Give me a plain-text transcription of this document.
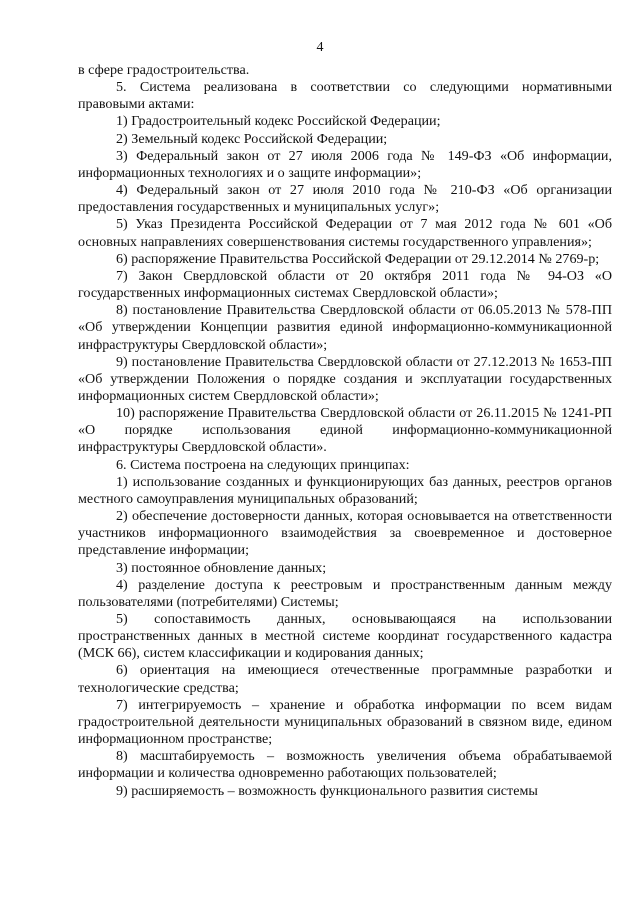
4

в сфере градостроительства.

5. Система реализована в соответствии со следующими нормативными правовыми актами:

1) Градостроительный кодекс Российской Федерации;

2) Земельный кодекс Российской Федерации;

3) Федеральный закон от 27 июля 2006 года № 149-ФЗ «Об информации, информационных технологиях и о защите информации»;

4) Федеральный закон от 27 июля 2010 года № 210-ФЗ «Об организации предоставления государственных и муниципальных услуг»;

5) Указ Президента Российской Федерации от 7 мая 2012 года № 601 «Об основных направлениях совершенствования системы государственного управления»;

6) распоряжение Правительства Российской Федерации от 29.12.2014 № 2769-р;

7) Закон Свердловской области от 20 октября 2011 года № 94-ОЗ «О государственных информационных системах Свердловской области»;

8) постановление Правительства Свердловской области от 06.05.2013 № 578-ПП «Об утверждении Концепции развития единой информационно-коммуникационной инфраструктуры Свердловской области»;

9) постановление Правительства Свердловской области от 27.12.2013 № 1653-ПП «Об утверждении Положения о порядке создания и эксплуатации государственных информационных систем Свердловской области»;

10) распоряжение Правительства Свердловской области от 26.11.2015 № 1241-РП «О порядке использования единой информационно-коммуникационной инфраструктуры Свердловской области».

6. Система построена на следующих принципах:

1) использование созданных и функционирующих баз данных, реестров органов местного самоуправления муниципальных образований;

2) обеспечение достоверности данных, которая основывается на ответственности участников информационного взаимодействия за своевременное и достоверное представление информации;

3) постоянное обновление данных;

4) разделение доступа к реестровым и пространственным данным между пользователями (потребителями) Системы;

5) сопоставимость данных, основывающаяся на использовании пространственных данных в местной системе координат государственного кадастра (МСК 66), систем классификации и кодирования данных;

6) ориентация на имеющиеся отечественные программные разработки и технологические средства;

7) интегрируемость – хранение и обработка информации по всем видам градостроительной деятельности муниципальных образований в связном виде, едином информационном пространстве;

8) масштабируемость – возможность увеличения объема обрабатываемой информации и количества одновременно работающих пользователей;

9) расширяемость – возможность функционального развития системы
